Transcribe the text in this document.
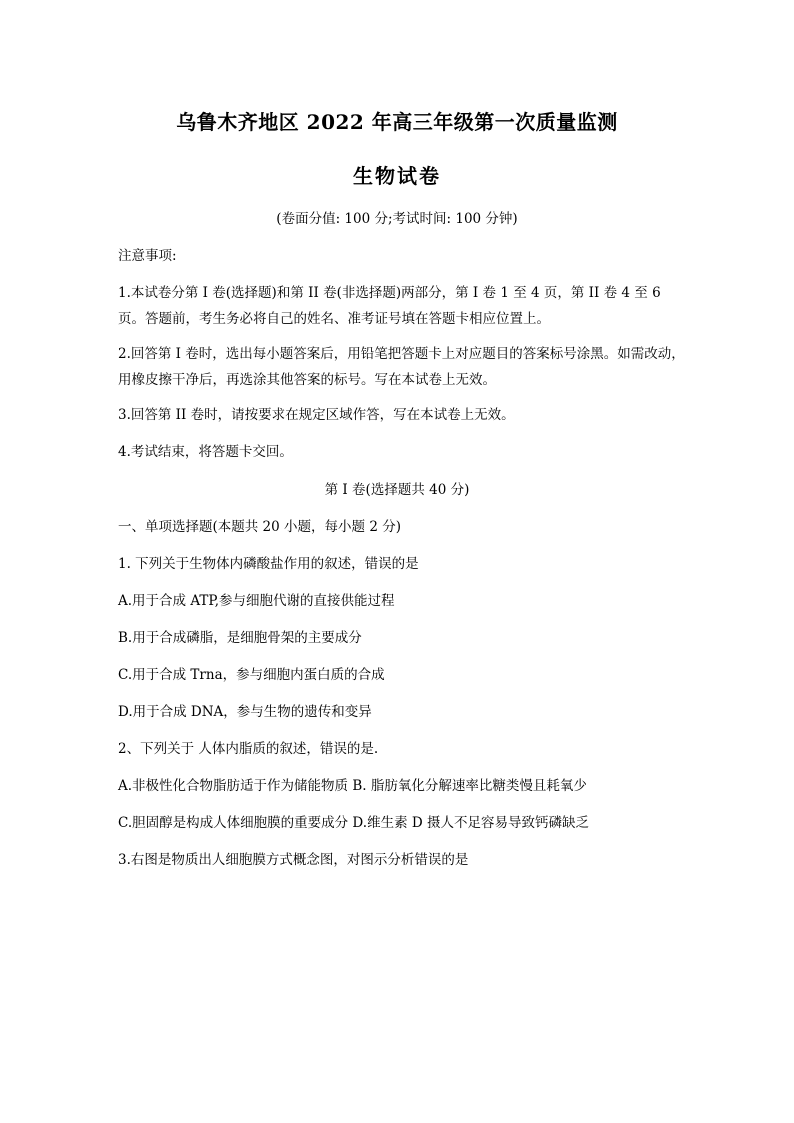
乌鲁木齐地区 2022 年高三年级第一次质量监测
生物试卷
(卷面分值: 100 分;考试时间: 100 分钟)
注意事项:
1.本试卷分第 I 卷(选择题)和第 II 卷(非选择题)两部分，第 I 卷 1 至 4 页，第 II 卷 4 至 6 页。答题前，考生务必将自己的姓名、准考证号填在答题卡相应位置上。
2.回答第 I 卷时，选出每小题答案后，用铅笔把答题卡上对应题目的答案标号涂黑。如需改动，用橡皮擦干净后，再选涂其他答案的标号。写在本试卷上无效。
3.回答第 II 卷时，请按要求在规定区域作答，写在本试卷上无效。
4.考试结束，将答题卡交回。
第 I 卷(选择题共 40 分)
一、单项选择题(本题共 20 小题，每小题 2 分)
1. 下列关于生物体内磷酸盐作用的叙述，错误的是
A.用于合成 ATP,参与细胞代谢的直接供能过程
B.用于合成磷脂，是细胞骨架的主要成分
C.用于合成 Trna，参与细胞内蛋白质的合成
D.用于合成 DNA，参与生物的遗传和变异
2、下列关于 人体内脂质的叙述，错误的是.
A.非极性化合物脂肪适于作为储能物质 B. 脂肪氧化分解速率比糖类慢且耗氧少
C.胆固醇是构成人体细胞膜的重要成分 D.维生素 D 摄人不足容易导致钙磷缺乏
3.右图是物质出人细胞膜方式概念图，对图示分析错误的是
